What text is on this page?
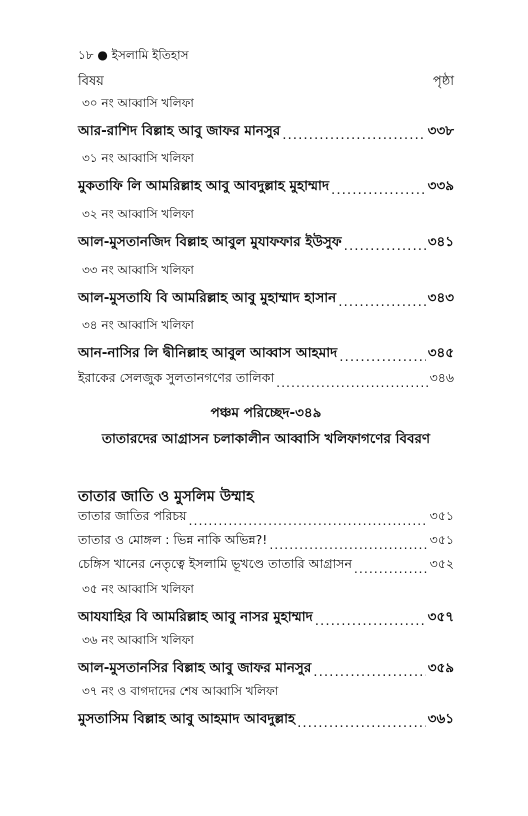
১৮ ● ইসলামি ইতিহাস
বিষয়	পৃষ্ঠা
৩০ নং আব্বাসি খলিফা
আর-রাশিদ বিল্লাহ আবু জাফর মানসুর .....	৩৩৮
৩১ নং আব্বাসি খলিফা
মুকতাফি লি আমরিল্লাহ আবু আবদুল্লাহ মুহাম্মাদ .....	৩৩৯
৩২ নং আব্বাসি খলিফা
আল-মুসতানজিদ বিল্লাহ আবুল মুযাফফার ইউসুফ .....	৩৪১
৩৩ নং আব্বাসি খলিফা
আল-মুসতাযি বি আমরিল্লাহ আবু মুহাম্মাদ হাসান .....	৩৪৩
৩৪ নং আব্বাসি খলিফা
আন-নাসির লি দ্বীনিল্লাহ আবুল আব্বাস আহমাদ .....	৩৪৫
ইরাকের সেলজুক সুলতানগণের তালিকা .....	৩৪৬
পঞ্চম পরিচ্ছেদ-৩৪৯
তাতারদের আগ্রাসন চলাকালীন আব্বাসি খলিফাগণের বিবরণ
তাতার জাতি ও মুসলিম উম্মাহ
তাতার জাতির পরিচয় .....	৩৫১
তাতার ও মোঙ্গল : ভিন্ন নাকি অভিন্ন?! .....	৩৫১
চেঙ্গিস খানের নেতৃত্বে ইসলামি ভূখণ্ডে তাতারি আগ্রাসন .....	৩৫২
৩৫ নং আব্বাসি খলিফা
আযযাহির বি আমরিল্লাহ আবু নাসর মুহাম্মাদ .....	৩৫৭
৩৬ নং আব্বাসি খলিফা
আল-মুসতানসির বিল্লাহ আবু জাফর মানসুর .....	৩৫৯
৩৭ নং ও বাগদাদের শেষ আব্বাসি খলিফা
মুসতাসিম বিল্লাহ আবু আহমাদ আবদুল্লাহ .....	৩৬১
